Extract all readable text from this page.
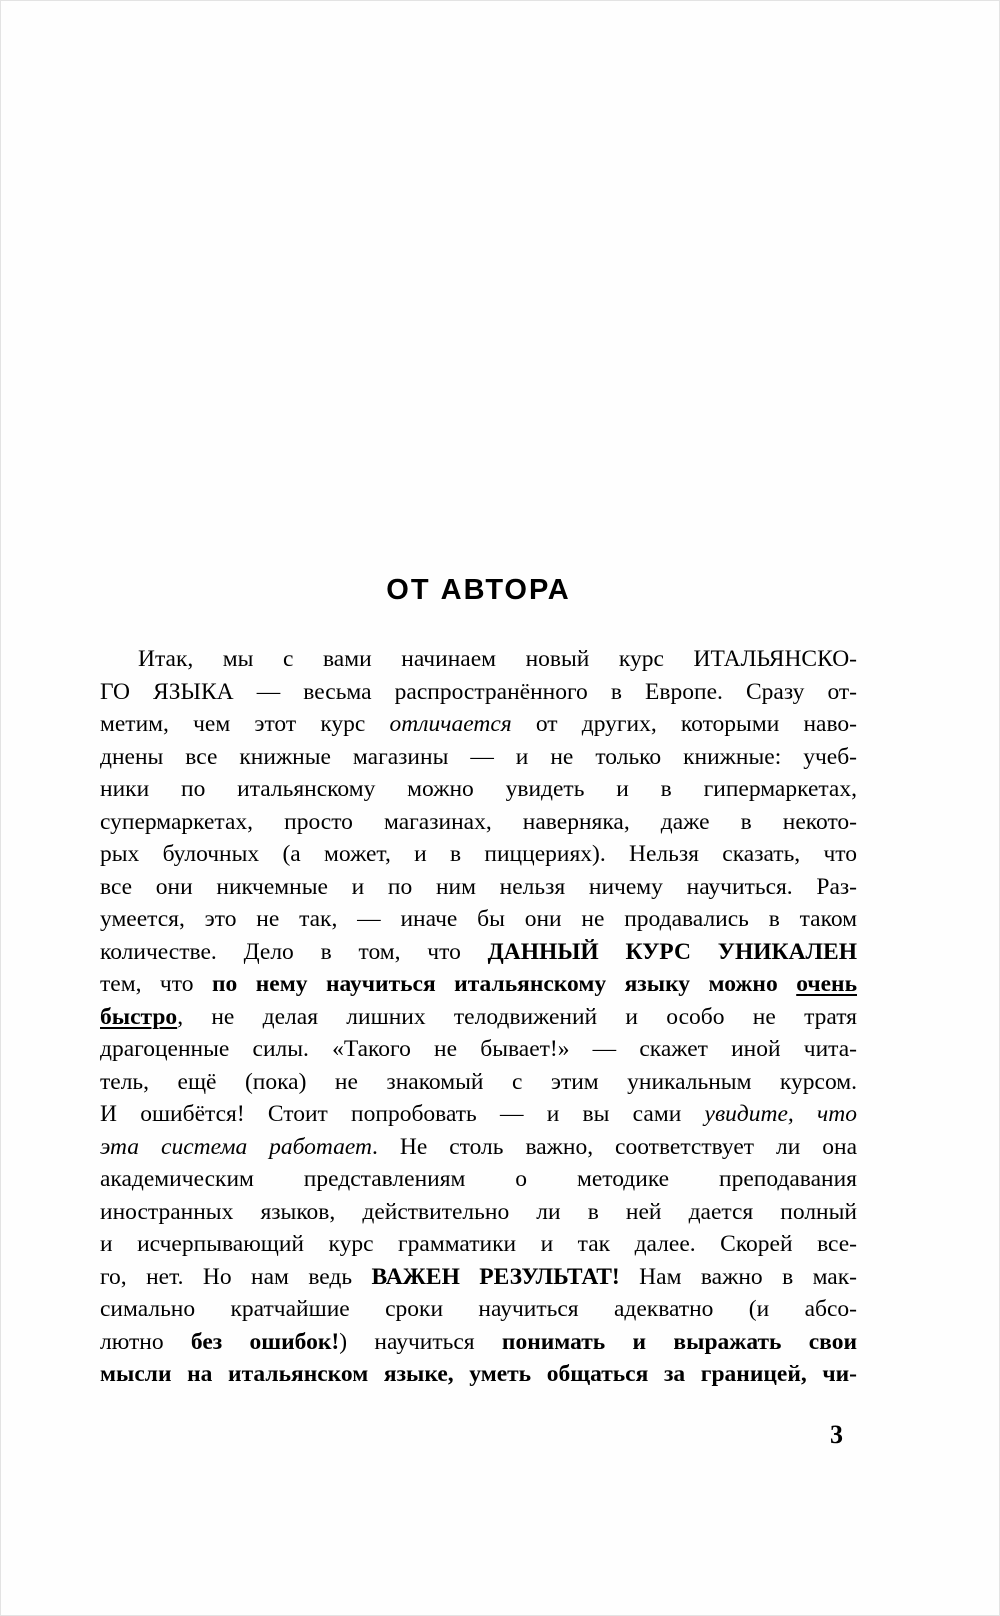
ОТ АВТОРА
Итак, мы с вами начинаем новый курс ИТАЛЬЯНСКО-
ГО ЯЗЫКА — весьма распространённого в Европе. Сразу от-
метим, чем этот курс отличается от других, которыми наво-
днены все книжные магазины — и не только книжные: учеб-
ники по итальянскому можно увидеть и в гипермаркетах,
супермаркетах, просто магазинах, наверняка, даже в некото-
рых булочных (а может, и в пиццериях). Нельзя сказать, что
все они никчемные и по ним нельзя ничему научиться. Раз-
умеется, это не так, — иначе бы они не продавались в таком
количестве. Дело в том, что ДАННЫЙ КУРС УНИКАЛЕН
тем, что по нему научиться итальянскому языку можно очень
быстро, не делая лишних телодвижений и особо не тратя
драгоценные силы. «Такого не бывает!» — скажет иной чита-
тель, ещё (пока) не знакомый с этим уникальным курсом.
И ошибётся! Стоит попробовать — и вы сами увидите, что
эта система работает. Не столь важно, соответствует ли она
академическим представлениям о методике преподавания
иностранных языков, действительно ли в ней дается полный
и исчерпывающий курс грамматики и так далее. Скорей все-
го, нет. Но нам ведь ВАЖЕН РЕЗУЛЬТАТ! Нам важно в мак-
симально кратчайшие сроки научиться адекватно (и абсо-
лютно без ошибок!) научиться понимать и выражать свои
мысли на итальянском языке, уметь общаться за границей, чи-
3
